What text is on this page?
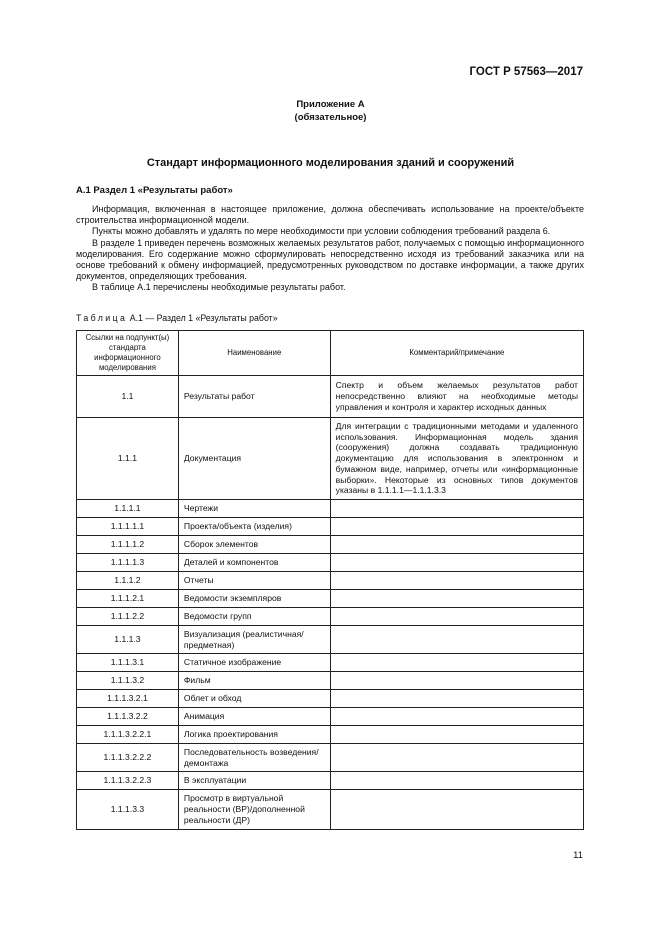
ГОСТ Р 57563—2017
Приложение А
(обязательное)
Стандарт информационного моделирования зданий и сооружений
А.1 Раздел 1 «Результаты работ»

Информация, включенная в настоящее приложение, должна обеспечивать использование на проекте/объекте строительства информационной модели.

Пункты можно добавлять и удалять по мере необходимости при условии соблюдения требований раздела 6.

В разделе 1 приведен перечень возможных желаемых результатов работ, получаемых с помощью информационного моделирования. Его содержание можно сформулировать непосредственно исходя из требований заказчика или на основе требований к обмену информацией, предусмотренных руководством по доставке информации, а также других документов, определяющих требования.

В таблице А.1 перечислены необходимые результаты работ.

Таблица А.1 — Раздел 1 «Результаты работ»
Ссылки на подпункт(ы) стандарта информационного моделирования	Наименование	Комментарий/примечание
1.1	Результаты работ	Спектр и объем желаемых результатов работ непосредственно влияют на необходимые методы управления и контроля и характер исходных данных
1.1.1	Документация	Для интеграции с традиционными методами и удаленного использования. Информационная модель здания (сооружения) должна создавать традиционную документацию для использования в электронном и бумажном виде, например, отчеты или «информационные выборки». Некоторые из основных типов документов указаны в 1.1.1.1—1.1.1.3.3
1.1.1.1	Чертежи	
1.1.1.1.1	Проекта/объекта (изделия)	
1.1.1.1.2	Сборок элементов	
1.1.1.1.3	Деталей и компонентов	
1.1.1.2	Отчеты	
1.1.1.2.1	Ведомости экземпляров	
1.1.1.2.2	Ведомости групп	
1.1.1.3	Визуализация (реалистичная/предметная)	
1.1.1.3.1	Статичное изображение	
1.1.1.3.2	Фильм	
1.1.1.3.2.1	Облет и обход	
1.1.1.3.2.2	Анимация	
1.1.1.3.2.2.1	Логика проектирования	
1.1.1.3.2.2.2	Последовательность возведения/демонтажа	
1.1.1.3.2.2.3	В эксплуатации	
1.1.1.3.3	Просмотр в виртуальной реальности (ВР)/дополненной реальности (ДР)	
11
